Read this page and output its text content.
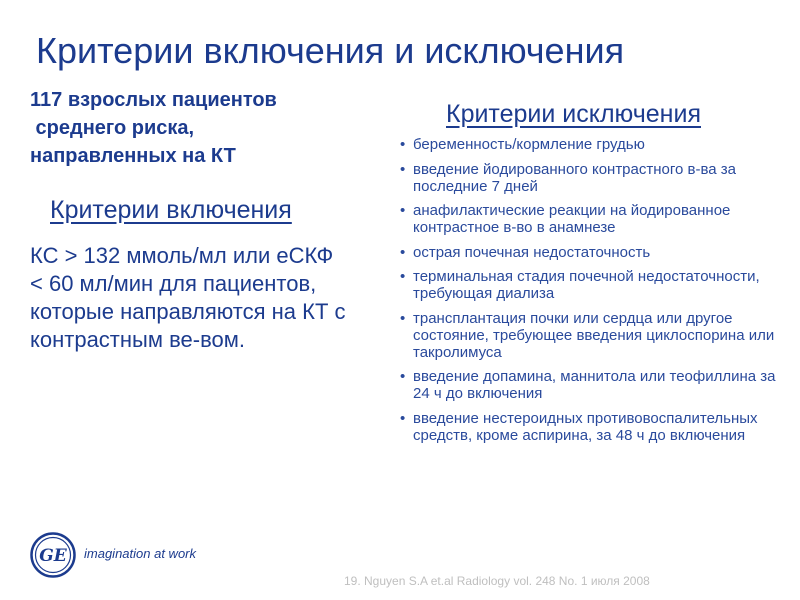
Критерии включения и исключения
117 взрослых пациентов
среднего риска,
направленных на КТ
Критерии включения
КС > 132 ммоль/мл или еСКФ < 60 мл/мин для пациентов, которые направляются на КТ с контрастным ве-вом.
Критерии исключения
• беременность/кормление грудью
• введение йодированного контрастного в-ва за последние 7 дней
• анафилактические реакции на йодированное контрастное в-во в анамнезе
• острая почечная недостаточность
• терминальная стадия почечной недостаточности, требующая диализа
• трансплантация почки или сердца или другое состояние, требующее введения циклоспорина или такролимуса
• введение допамина, маннитола или теофиллина за 24 ч до включения
• введение нестероидных противовоспалительных средств, кроме аспирина, за 48 ч до включения
GE imagination at work
19. Nguyen S.A et.al Radiology vol. 248 No. 1 июля 2008
